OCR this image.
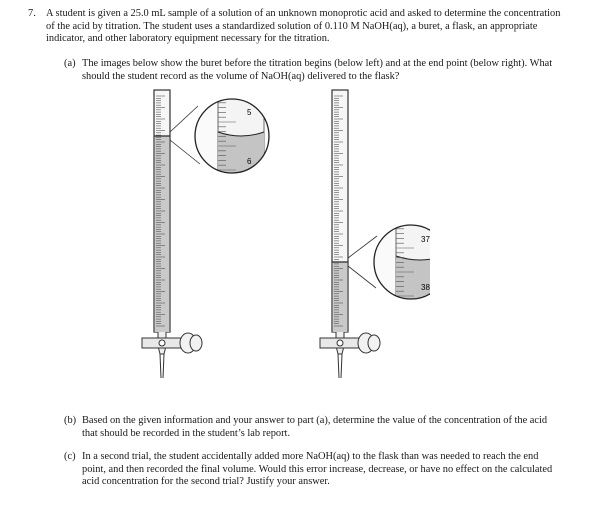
7. A student is given a 25.0 mL sample of a solution of an unknown monoprotic acid and asked to determine the concentration of the acid by titration. The student uses a standardized solution of 0.110 M NaOH(aq), a buret, a flask, an appropriate indicator, and other laboratory equipment necessary for the titration.
(a) The images below show the buret before the titration begins (below left) and at the end point (below right). What should the student record as the volume of NaOH(aq) delivered to the flask?
5
6
37
38
(b) Based on the given information and your answer to part (a), determine the value of the concentration of the acid that should be recorded in the student’s lab report.
(c) In a second trial, the student accidentally added more NaOH(aq) to the flask than was needed to reach the end point, and then recorded the final volume. Would this error increase, decrease, or have no effect on the calculated acid concentration for the second trial? Justify your answer.
